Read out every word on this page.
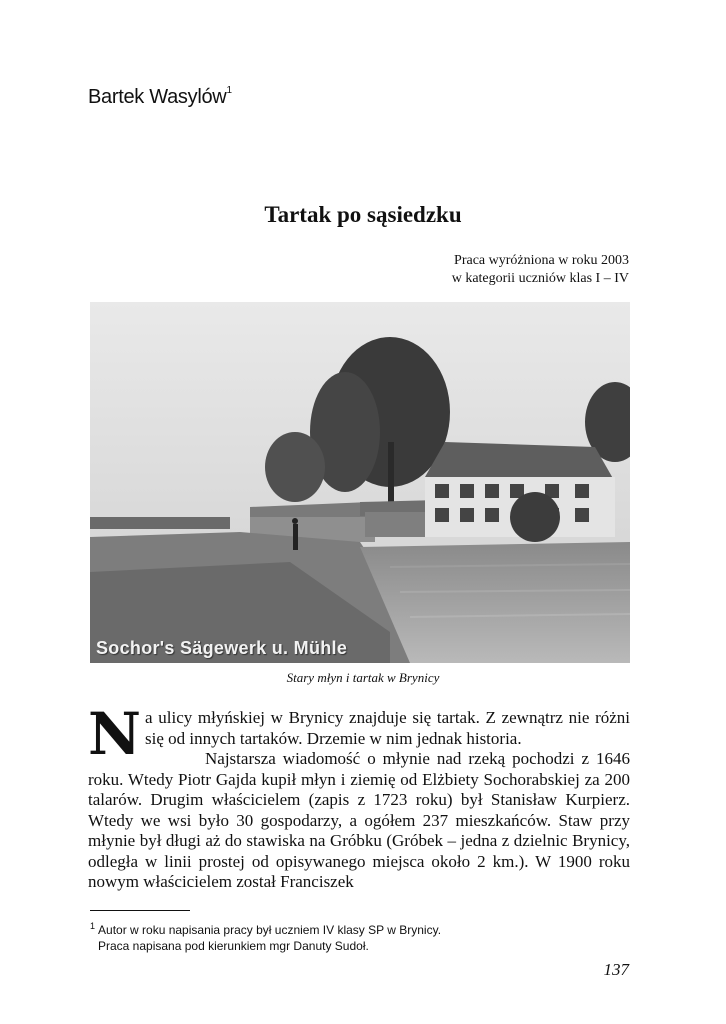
Bartek Wasylów$^1$
Tartak po sąsiedzku
Praca wyróżniona w roku 2003
w kategorii uczniów klas I – IV
Sochor's Sägewerk u. Mühle
Stary młyn i tartak w Brynicy

Na ulicy młyńskiej w Brynicy znajduje się tartak. Z zewnątrz nie różni się od innych tartaków. Drzemie w nim jednak historia.

Najstarsza wiadomość o młynie nad rzeką pochodzi z 1646 roku. Wtedy Piotr Gajda kupił młyn i ziemię od Elżbiety Sochorabskiej za 200 talarów. Drugim właścicielem (zapis z 1723 roku) był Stanisław Kurpierz. Wtedy we wsi było 30 gospodarzy, a ogółem 237 mieszkańców. Staw przy młynie był długi aż do stawiska na Gróbku (Gróbek – jedna z dzielnic Brynicy, odległa w linii prostej od opisywanego miejsca około 2 km.). W 1900 roku nowym właścicielem został Franciszek

$^1$ Autor w roku napisania pracy był uczniem IV klasy SP w Brynicy.
Praca napisana pod kierunkiem mgr Danuty Sudoł.
137
